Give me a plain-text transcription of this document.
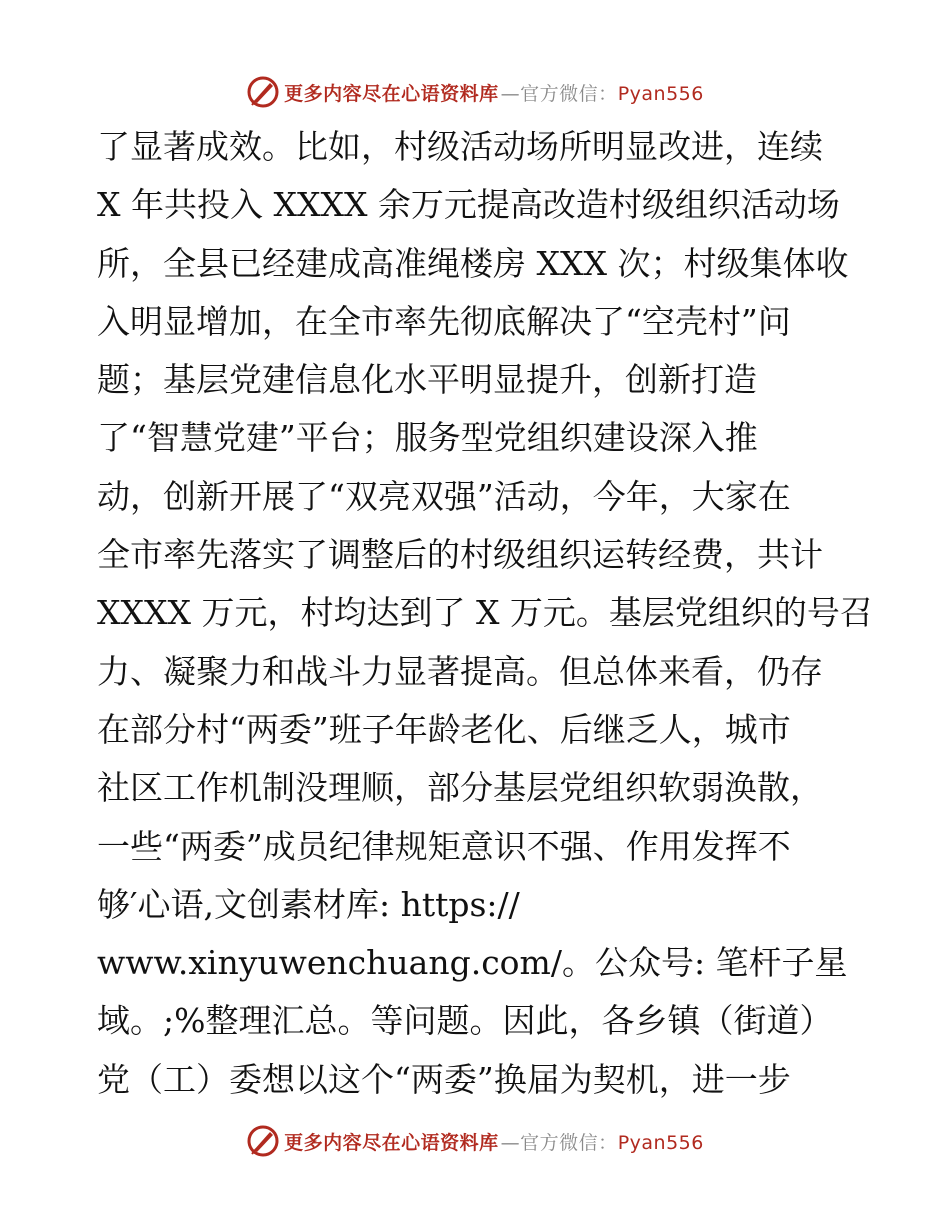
更多内容尽在心语资料库 —官方微信：Pyan556
了显著成效。比如，村级活动场所明显改进，连续
X 年共投入 XXXX 余万元提高改造村级组织活动场
所，全县已经建成高准绳楼房 XXX 次；村级集体收
入明显增加，在全市率先彻底解决了“空壳村”问
题；基层党建信息化水平明显提升，创新打造
了“智慧党建”平台；服务型党组织建设深入推
动，创新开展了“双亮双强”活动，今年，大家在
全市率先落实了调整后的村级组织运转经费，共计
XXXX 万元，村均达到了 X 万元。基层党组织的号召
力、凝聚力和战斗力显著提高。但总体来看，仍存
在部分村“两委”班子年龄老化、后继乏人，城市
社区工作机制没理顺，部分基层党组织软弱涣散，
一些“两委”成员纪律规矩意识不强、作用发挥不
够′心语,文创素材库: https://
www.xinyuwenchuang.com/。公众号: 笔杆子星
域。;%整理汇总。等问题。因此，各乡镇（街道）
党（工）委想以这个“两委”换届为契机，进一步
更多内容尽在心语资料库 —官方微信：Pyan556
